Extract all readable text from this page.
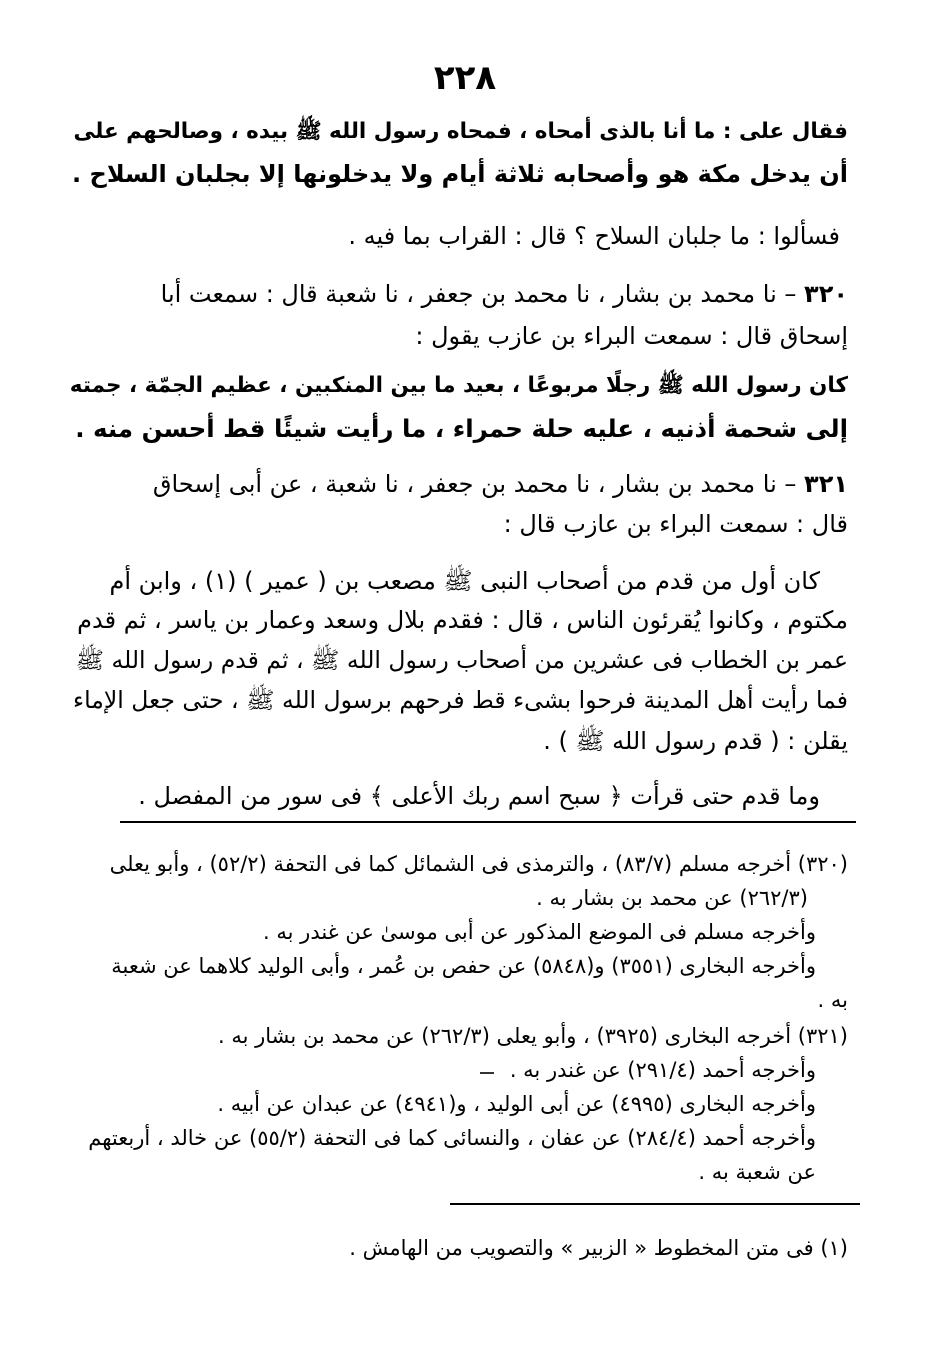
٢٢٨
فقال على : ما أنا بالذى أمحاه ، فمحاه رسول الله ﷺ بيده ، وصالحهم على
أن يدخل مكة هو وأصحابه ثلاثة أيام ولا يدخلونها إلا بجلبان السلاح .
فسألوا : ما جلبان السلاح ؟ قال : القراب بما فيه .
٣٢٠ – نا محمد بن بشار ، نا محمد بن جعفر ، نا شعبة قال : سمعت أبا
إسحاق قال : سمعت البراء بن عازب يقول :
كان رسول الله ﷺ رجلًا مربوعًا ، بعيد ما بين المنكبين ، عظيم الجمّة ، جمته
إلى شحمة أذنيه ، عليه حلة حمراء ، ما رأيت شيئًا قط أحسن منه .
٣٢١ – نا محمد بن بشار ، نا محمد بن جعفر ، نا شعبة ، عن أبى إسحاق
قال : سمعت البراء بن عازب قال :
كان أول من قدم من أصحاب النبى ﷺ مصعب بن ( عمير ) (١) ، وابن أم
مكتوم ، وكانوا يُقرئون الناس ، قال : فقدم بلال وسعد وعمار بن ياسر ، ثم قدم
عمر بن الخطاب فى عشرين من أصحاب رسول الله ﷺ ، ثم قدم رسول الله ﷺ
فما رأيت أهل المدينة فرحوا بشىء قط فرحهم برسول الله ﷺ ، حتى جعل الإماء
يقلن : ( قدم رسول الله ﷺ ) .
وما قدم حتى قرأت ﴿ سبح اسم ربك الأعلى ﴾ فى سور من المفصل .
(٣٢٠) أخرجه مسلم (٨٣/٧) ، والترمذى فى الشمائل كما فى التحفة (٥٢/٢) ، وأبو يعلى
(٢٦٢/٣) عن محمد بن بشار به .
وأخرجه مسلم فى الموضع المذكور عن أبى موسىٰ عن غندر به .
وأخرجه البخارى (٣٥٥١) و(٥٨٤٨) عن حفص بن عُمر ، وأبى الوليد كلاهما عن شعبة
به .
(٣٢١) أخرجه البخارى (٣٩٢٥) ، وأبو يعلى (٢٦٢/٣) عن محمد بن بشار به .
وأخرجه أحمد (٢٩١/٤) عن غندر به .
وأخرجه البخارى (٤٩٩٥) عن أبى الوليد ، و(٤٩٤١) عن عبدان عن أبيه .
وأخرجه أحمد (٢٨٤/٤) عن عفان ، والنسائى كما فى التحفة (٥٥/٢) عن خالد ، أربعتهم
عن شعبة به .
(١) فى متن المخطوط « الزبير » والتصويب من الهامش .
